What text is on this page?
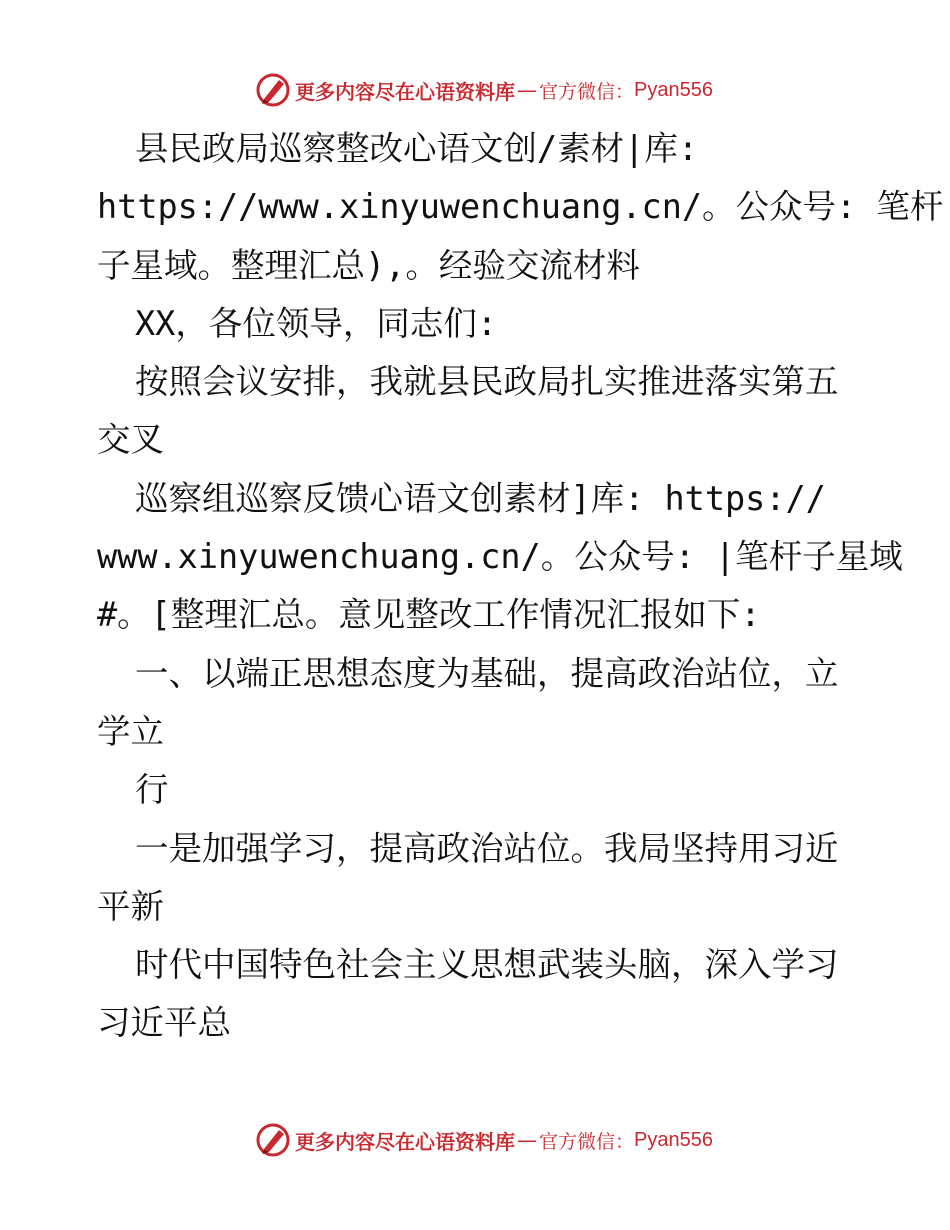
更多内容尽在心语资料库 — 官方微信： Pyan556
县民政局巡察整改心语文创/素材|库:
https://www.xinyuwenchuang.cn/。公众号: 笔杆
子星域。整理汇总),。经验交流材料
XX，各位领导，同志们:
按照会议安排，我就县民政局扎实推进落实第五
交叉
巡察组巡察反馈心语文创素材]库: https://
www.xinyuwenchuang.cn/。公众号: |笔杆子星域
#。[整理汇总。意见整改工作情况汇报如下:
一、以端正思想态度为基础，提高政治站位，立
学立
行
一是加强学习，提高政治站位。我局坚持用习近
平新
时代中国特色社会主义思想武装头脑，深入学习
习近平总
更多内容尽在心语资料库 — 官方微信： Pyan556
